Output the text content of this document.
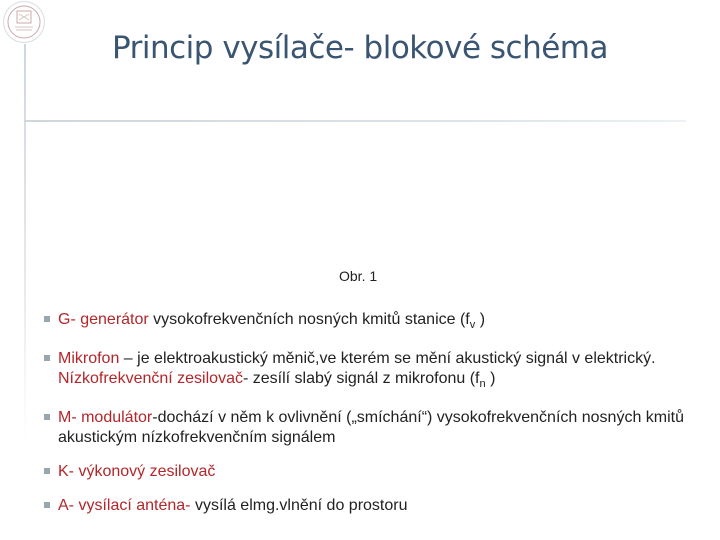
Princip vysílače- blokové schéma
Obr. 1
G- generátor vysokofrekvenčních nosných kmitů stanice ($f_v$ )
Mikrofon – je elektroakustický měnič,ve kterém se mění akustický signál v elektrický. Nízkofrekvenční zesilovač- zesílí slabý signál z mikrofonu ($f_n$ )
M- modulátor-dochází v něm k ovlivnění („smíchání“) vysokofrekvenčních nosných kmitů akustickým nízkofrekvenčním signálem
K- výkonový zesilovač
A- vysílací anténa- vysílá elmg.vlnění do prostoru
